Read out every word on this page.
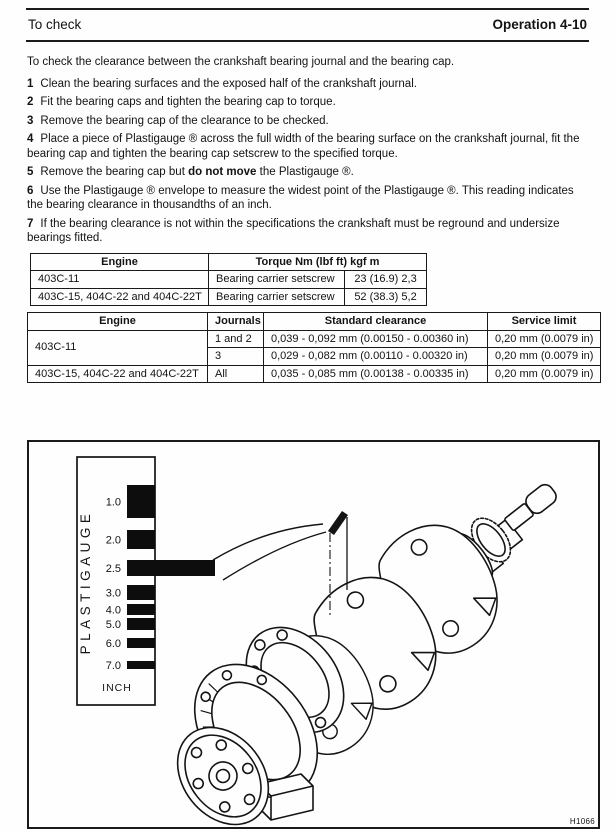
To check	Operation 4-10

To check the clearance between the crankshaft bearing journal and the bearing cap.

1 Clean the bearing surfaces and the exposed half of the crankshaft journal.

2 Fit the bearing caps and tighten the bearing cap to torque.

3 Remove the bearing cap of the clearance to be checked.

4 Place a piece of Plastigauge ® across the full width of the bearing surface on the crankshaft journal, fit the bearing cap and tighten the bearing cap setscrew to the specified torque.

5 Remove the bearing cap but do not move the Plastigauge ®.

6 Use the Plastigauge ® envelope to measure the widest point of the Plastigauge ®. This reading indicates the bearing clearance in thousandths of an inch.

7 If the bearing clearance is not within the specifications the crankshaft must be reground and undersize bearings fitted.

Engine	Torque Nm (lbf ft) kgf m	
403C-11	Bearing carrier setscrew	23 (16.9) 2,3
403C-15, 404C-22 and 404C-22T	Bearing carrier setscrew	52 (38.3) 5,2
Engine	Journals	Standard clearance	Service limit
403C-11	1 and 2	0,039 - 0,092 mm (0.00150 - 0.00360 in)	0,20 mm (0.0079 in)
	3	0,029 - 0,082 mm (0.00110 - 0.00320 in)	0,20 mm (0.0079 in)
403C-15, 404C-22 and 404C-22T	All	0,035 - 0,085 mm (0.00138 - 0.00335 in)	0,20 mm (0.0079 in)
PLASTIGAUGE
1.0
2.0
2.5
3.0
4.0
5.0
6.0
7.0
INCH
H1066
